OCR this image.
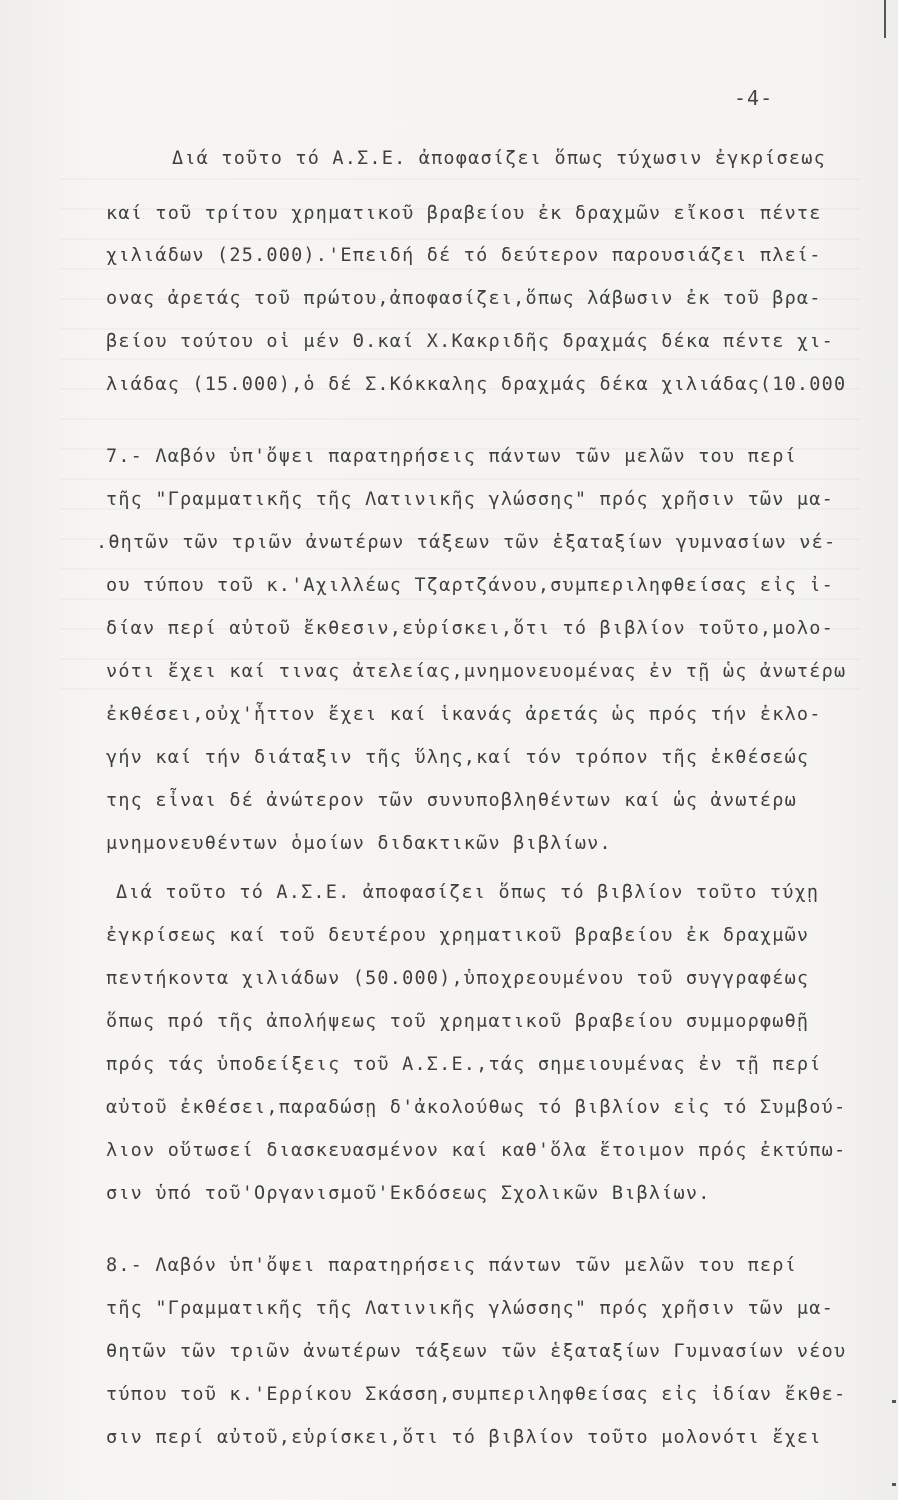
-4-
Διά τοῦτο τό Α.Σ.Ε. ἀποφασίζει ὅπως τύχωσιν ἐγκρίσεως
καί τοῦ τρίτου χρηματικοῦ βραβείου ἐκ δραχμῶν εἴκοσι πέντε
χιλιάδων (25.000).'Επειδή δέ τό δεύτερον παρουσιάζει πλεί-
ονας ἀρετάς τοῦ πρώτου,ἀποφασίζει,ὅπως λάβωσιν ἐκ τοῦ βρα-
βείου τούτου οἱ μέν Θ.καί Χ.Κακριδῆς δραχμάς δέκα πέντε χι-
λιάδας (15.000),ὁ δέ Σ.Κόκκαλης δραχμάς δέκα χιλιάδας(10.000
7.- Λαβόν ὑπ'ὄψει παρατηρήσεις πάντων τῶν μελῶν του περί
τῆς "Γραμματικῆς τῆς Λατινικῆς γλώσσης" πρός χρῆσιν τῶν μα-
.θητῶν τῶν τριῶν ἀνωτέρων τάξεων τῶν ἑξαταξίων γυμνασίων νέ-
ου τύπου τοῦ κ.'Αχιλλέως Τζαρτζάνου,συμπεριληφθείσας εἰς ἰ-
δίαν περί αὐτοῦ ἔκθεσιν,εὑρίσκει,ὅτι τό βιβλίον τοῦτο,μολο-
νότι ἔχει καί τινας ἀτελείας,μνημονευομένας ἐν τῇ ὡς ἀνωτέρω
ἐκθέσει,οὐχ'ἧττον ἔχει καί ἱκανάς ἀρετάς ὡς πρός τήν ἐκλο-
γήν καί τήν διάταξιν τῆς ὕλης,καί τόν τρόπον τῆς ἐκθέσεώς
της εἶναι δέ ἀνώτερον τῶν συνυποβληθέντων καί ὡς ἀνωτέρω
μνημονευθέντων ὁμοίων διδακτικῶν βιβλίων.
Διά τοῦτο τό Α.Σ.Ε. ἀποφασίζει ὅπως τό βιβλίον τοῦτο τύχῃ
ἐγκρίσεως καί τοῦ δευτέρου χρηματικοῦ βραβείου ἐκ δραχμῶν
πεντήκοντα χιλιάδων (50.000),ὑποχρεουμένου τοῦ συγγραφέως
ὅπως πρό τῆς ἀπολήψεως τοῦ χρηματικοῦ βραβείου συμμορφωθῇ
πρός τάς ὑποδείξεις τοῦ Α.Σ.Ε.,τάς σημειουμένας ἐν τῇ περί
αὐτοῦ ἐκθέσει,παραδώσῃ δ'ἀκολούθως τό βιβλίον εἰς τό Συμβού-
λιον οὕτωσεί διασκευασμένον καί καθ'ὅλα ἕτοιμον πρός ἐκτύπω-
σιν ὑπό τοῦ'Οργανισμοῦ'Εκδόσεως Σχολικῶν Βιβλίων.
8.- Λαβόν ὑπ'ὄψει παρατηρήσεις πάντων τῶν μελῶν του περί
τῆς "Γραμματικῆς τῆς Λατινικῆς γλώσσης" πρός χρῆσιν τῶν μα-
θητῶν τῶν τριῶν ἀνωτέρων τάξεων τῶν ἑξαταξίων Γυμνασίων νέου
τύπου τοῦ κ.'Ερρίκου Σκάσση,συμπεριληφθείσας εἰς ἰδίαν ἔκθε-
σιν περί αὐτοῦ,εὑρίσκει,ὅτι τό βιβλίον τοῦτο μολονότι ἔχει
